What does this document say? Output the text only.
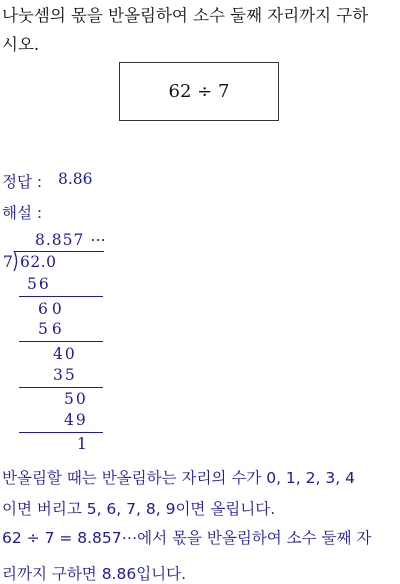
나눗셈의 몫을 반올림하여 소수 둘째 자리까지 구하
시오.
62 ÷ 7
정답 : 8.86
해설 :
8.857 ⋯
7 62.0
56
60
56
40
35
50
49
1
반올림할 때는 반올림하는 자리의 수가 0, 1, 2, 3, 4
이면 버리고 5, 6, 7, 8, 9이면 올립니다.
62 ÷ 7 = 8.857⋯에서 몫을 반올림하여 소수 둘째 자
리까지 구하면 8.86입니다.
